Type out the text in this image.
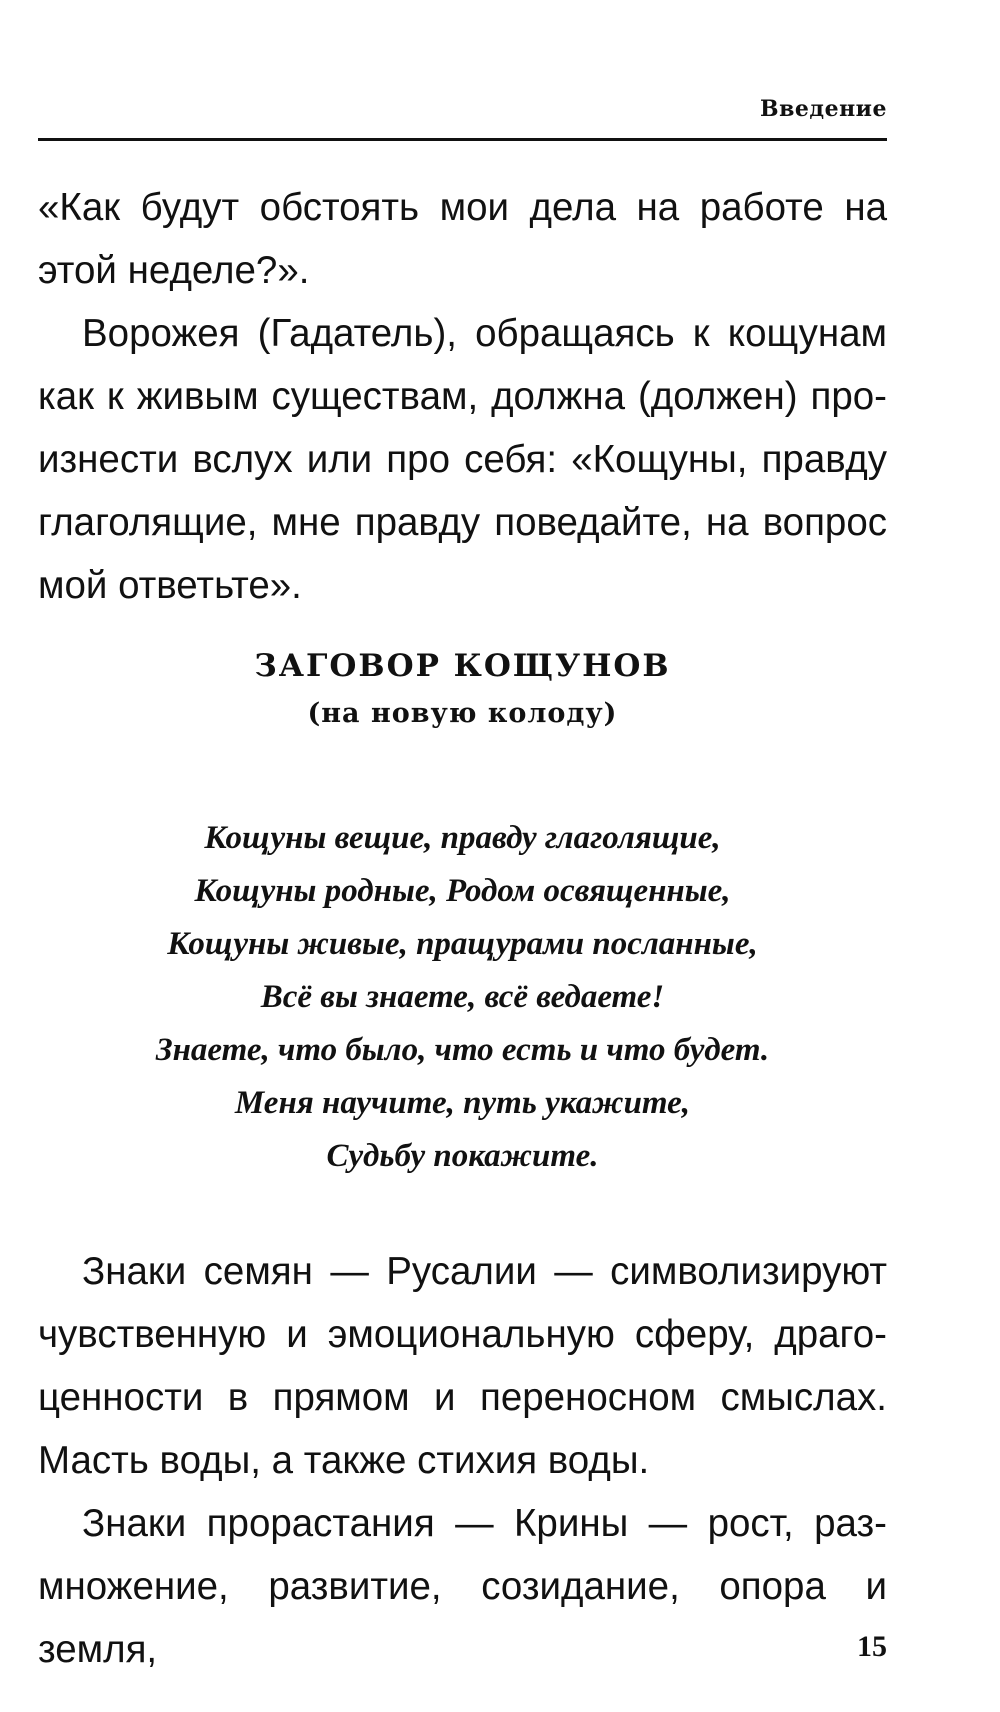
Введение

«Как будут обстоять мои дела на работе на этой неделе?».

Ворожея (Гадатель), обращаясь к кощунам как к живым существам, должна (должен) произнести вслух или про себя: «Кощуны, правду глаголящие, мне правду поведайте, на вопрос мой ответьте».

ЗАГОВОР КОЩУНОВ
(на новую колоду)
Кощуны вещие, правду глаголящие,
Кощуны родные, Родом освященные,
Кощуны живые, пращурами посланные,
Всё вы знаете, всё ведаете!
Знаете, что было, что есть и что будет.
Меня научите, путь укажите,
Судьбу покажите.

Знаки семян — Русалии — символизируют чувственную и эмоциональную сферу, драгоценности в прямом и переносном смыслах. Масть воды, а также стихия воды.

Знаки прорастания — Крины — рост, размножение, развитие, созидание, опора и земля,	15
